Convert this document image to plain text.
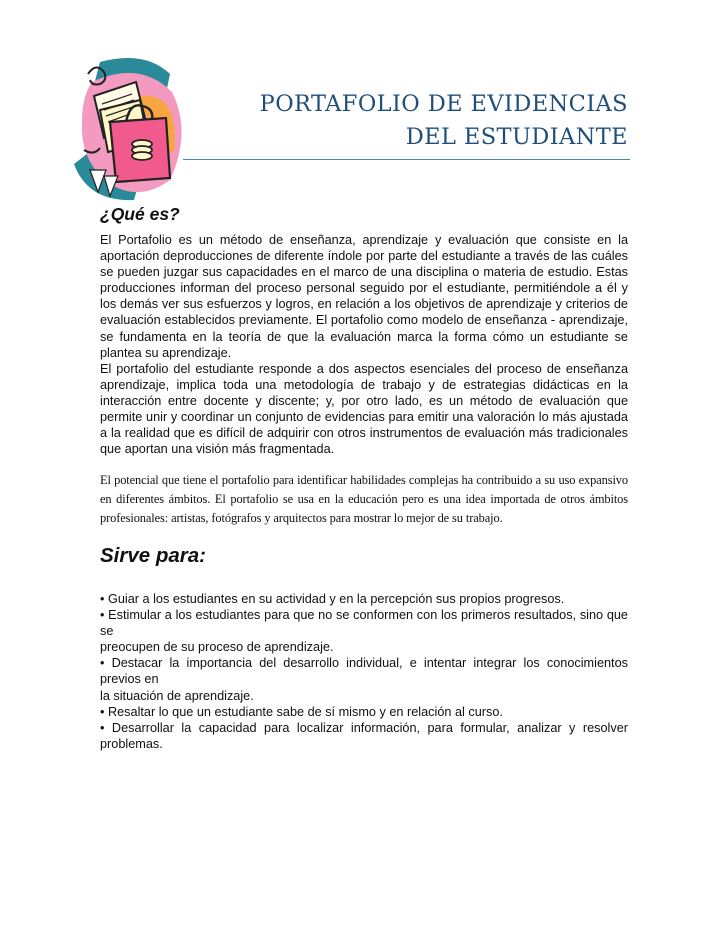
PORTAFOLIO DE EVIDENCIAS
DEL ESTUDIANTE
¿Qué es?

El Portafolio es un método de enseñanza, aprendizaje y evaluación que consiste en la aportación deproducciones de diferente índole por parte del estudiante a través de las cuáles se pueden juzgar sus capacidades en el marco de una disciplina o materia de estudio. Estas producciones informan del proceso personal seguido por el estudiante, permitiéndole a él y los demás ver sus esfuerzos y logros, en relación a los objetivos de aprendizaje y criterios de evaluación establecidos previamente. El portafolio como modelo de enseñanza - aprendizaje, se fundamenta en la teoría de que la evaluación marca la forma cómo un estudiante se plantea su aprendizaje.

El portafolio del estudiante responde a dos aspectos esenciales del proceso de enseñanza aprendizaje, implica toda una metodología de trabajo y de estrategias didácticas en la interacción entre docente y discente; y, por otro lado, es un método de evaluación que permite unir y coordinar un conjunto de evidencias para emitir una valoración lo más ajustada a la realidad que es difícil de adquirir con otros instrumentos de evaluación más tradicionales que aportan una visión más fragmentada.

El potencial que tiene el portafolio para identificar habilidades complejas ha contribuido a su uso expansivo en diferentes ámbitos. El portafolio se usa en la educación pero es una idea importada de otros ámbitos profesionales: artistas, fotógrafos y arquitectos para mostrar lo mejor de su trabajo.

Sirve para:
• Guiar a los estudiantes en su actividad y en la percepción sus propios progresos.
• Estimular a los estudiantes para que no se conformen con los primeros resultados, sino que se
preocupen de su proceso de aprendizaje.
• Destacar la importancia del desarrollo individual, e intentar integrar los conocimientos previos en
la situación de aprendizaje.
• Resaltar lo que un estudiante sabe de sí mismo y en relación al curso.
• Desarrollar la capacidad para localizar información, para formular, analizar y resolver problemas.
